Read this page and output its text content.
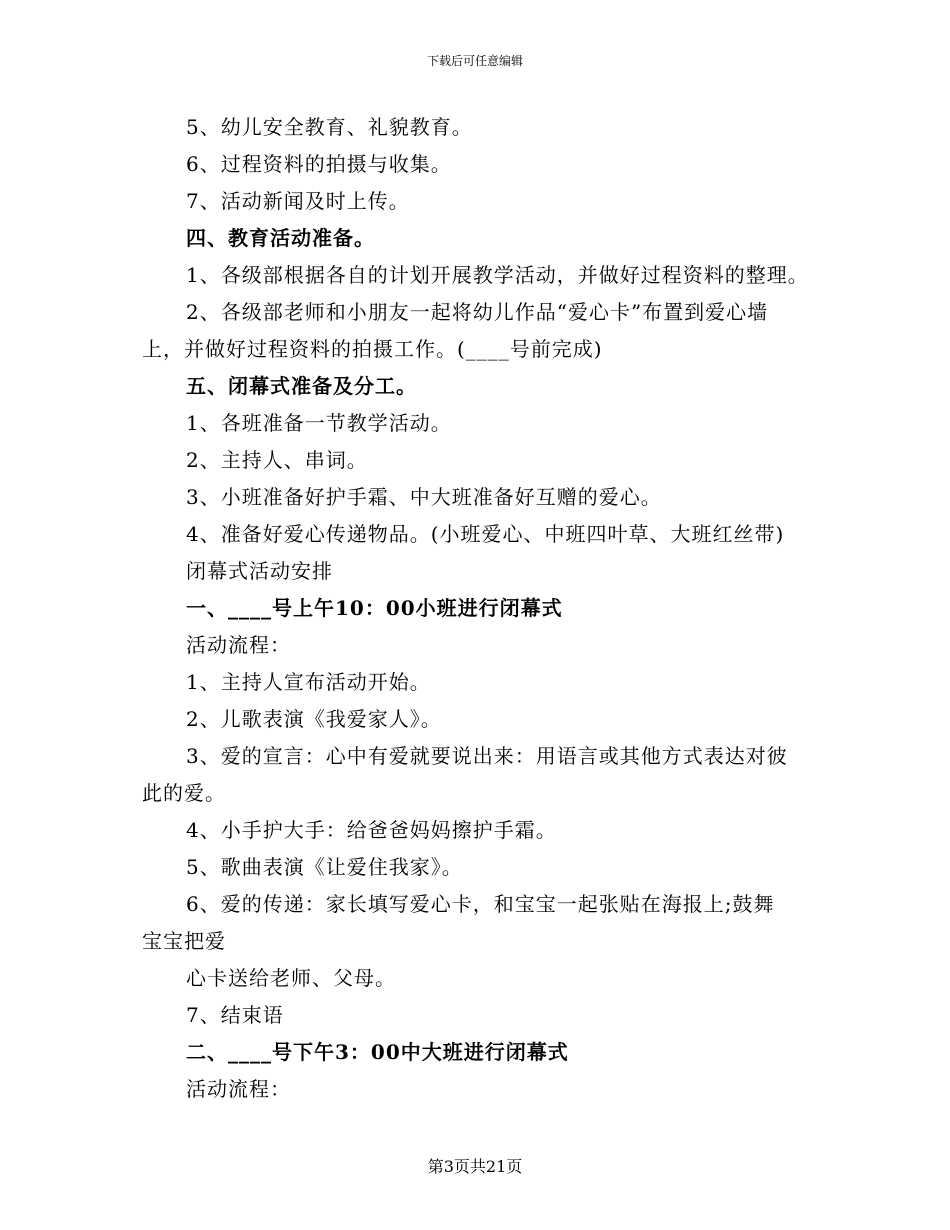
下载后可任意编辑
5、幼儿安全教育、礼貌教育。
6、过程资料的拍摄与收集。
7、活动新闻及时上传。
四、教育活动准备。
1、各级部根据各自的计划开展教学活动，并做好过程资料的整理。
2、各级部老师和小朋友一起将幼儿作品“爱心卡”布置到爱心墙
上，并做好过程资料的拍摄工作。(____号前完成)
五、闭幕式准备及分工。
1、各班准备一节教学活动。
2、主持人、串词。
3、小班准备好护手霜、中大班准备好互赠的爱心。
4、准备好爱心传递物品。(小班爱心、中班四叶草、大班红丝带)
闭幕式活动安排
一、____号上午10：00小班进行闭幕式
活动流程：
1、主持人宣布活动开始。
2、儿歌表演《我爱家人》。
3、爱的宣言：心中有爱就要说出来：用语言或其他方式表达对彼
此的爱。
4、小手护大手：给爸爸妈妈擦护手霜。
5、歌曲表演《让爱住我家》。
6、爱的传递：家长填写爱心卡，和宝宝一起张贴在海报上;鼓舞
宝宝把爱
心卡送给老师、父母。
7、结束语
二、____号下午3：00中大班进行闭幕式
活动流程：
第3页共21页
